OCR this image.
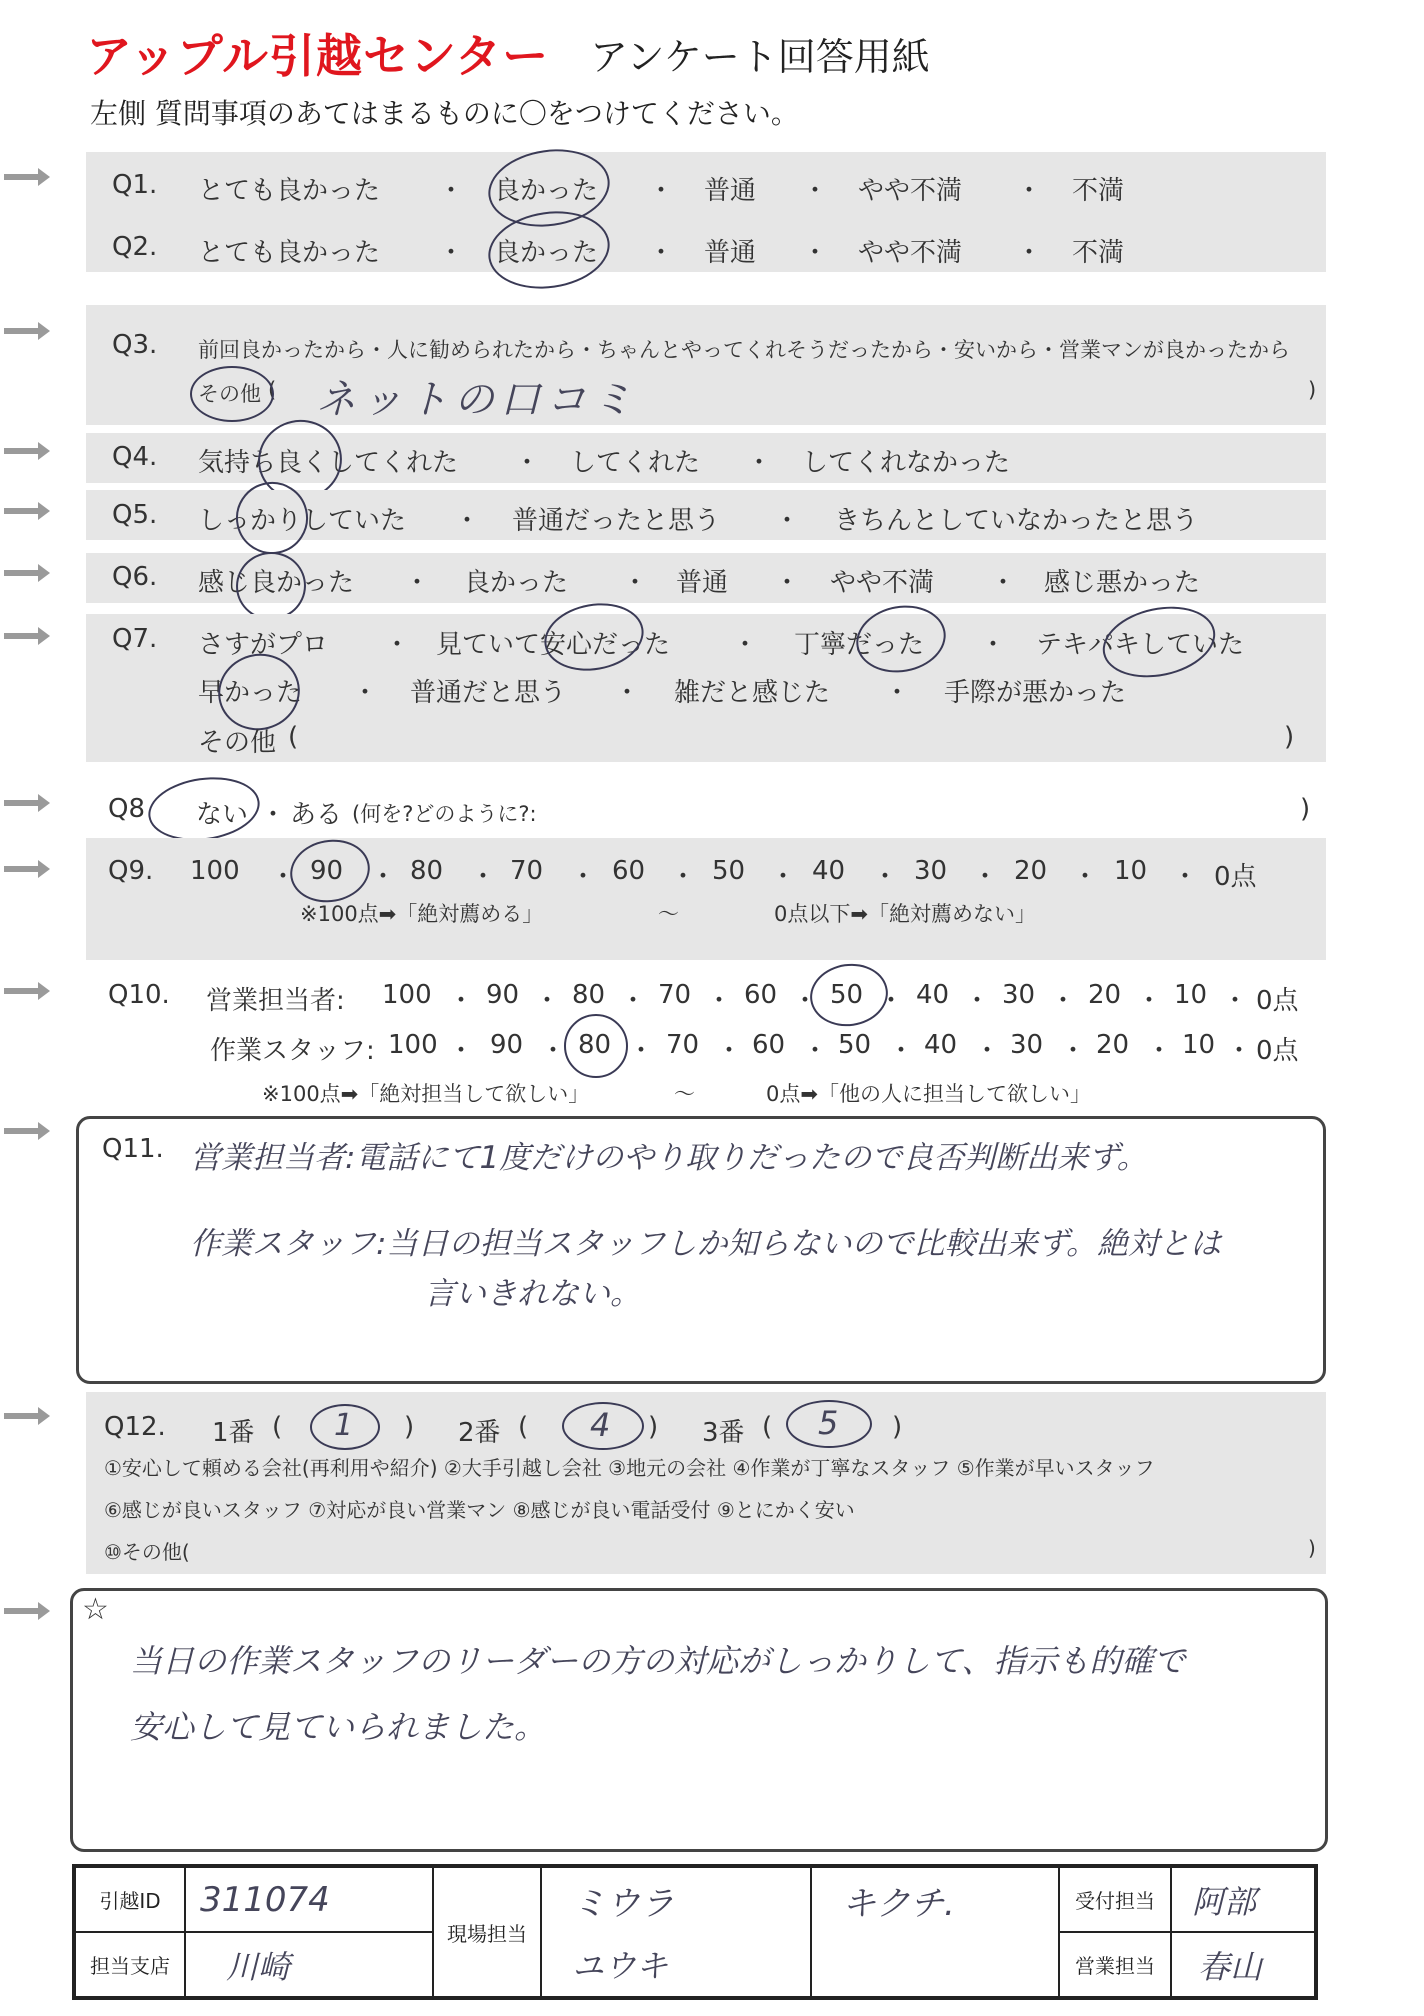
アップル引越センター アンケート回答用紙
左側 質問事項のあてはまるものに〇をつけてください。
Q1. とても良かった ・ 良かった ・ 普通 ・ やや不満 ・ 不満
Q2. とても良かった ・ 良かった ・ 普通 ・ やや不満 ・ 不満
Q3. 前回良かったから・人に勧められたから・ちゃんとやってくれそうだったから・安いから・営業マンが良かったから
その他 (	)
ネットの口コミ
Q4. 気持ち良くしてくれた ・ してくれた ・ してくれなかった
Q5. しっかりしていた ・ 普通だったと思う ・ きちんとしていなかったと思う
Q6. 感じ良かった ・ 良かった ・ 普通 ・ やや不満 ・ 感じ悪かった
Q7. さすがプロ ・ 見ていて安心だった ・ 丁寧だった ・ テキパキしていた
早かった ・ 普通だと思う ・ 雑だと感じた ・ 手際が悪かった
その他 (	)
Q8 ない ・ ある (何を?どのように?:	)
Q9. 100 ・ 90 ・ 80 ・ 70 ・ 60 ・ 50 ・ 40 ・ 30 ・ 20 ・ 10 ・ 0点
※100点➡「絶対薦める」	〜	0点以下➡「絶対薦めない」
Q10. 営業担当者: 100 ・ 90 ・ 80 ・ 70 ・ 60 ・ 50 ・ 40 ・ 30 ・ 20 ・ 10 ・ 0点
作業スタッフ: 100 ・ 90 ・ 80 ・ 70 ・ 60 ・ 50 ・ 40 ・ 30 ・ 20 ・ 10 ・ 0点
※100点➡「絶対担当して欲しい」	〜	0点➡「他の人に担当して欲しい」
Q11. 営業担当者:電話にて1度だけのやり取りだったので良否判断出来ず。
作業スタッフ:当日の担当スタッフしか知らないので比較出来ず。絶対とは
言いきれない。
Q12. 1番 ( 1 ) 2番 ( 4 ) 3番 ( 5 )
①安心して頼める会社(再利用や紹介) ②大手引越し会社 ③地元の会社 ④作業が丁寧なスタッフ ⑤作業が早いスタッフ
⑥感じが良いスタッフ ⑦対応が良い営業マン ⑧感じが良い電話受付 ⑨とにかく安い
⑩その他(	)
☆
当日の作業スタッフのリーダーの方の対応がしっかりして、指示も的確で
安心して見ていられました。
引越ID	311074	現場担当	ミウラ	キクチ.	受付担当	阿部
担当支店	川崎		ユウキ		営業担当	春山
